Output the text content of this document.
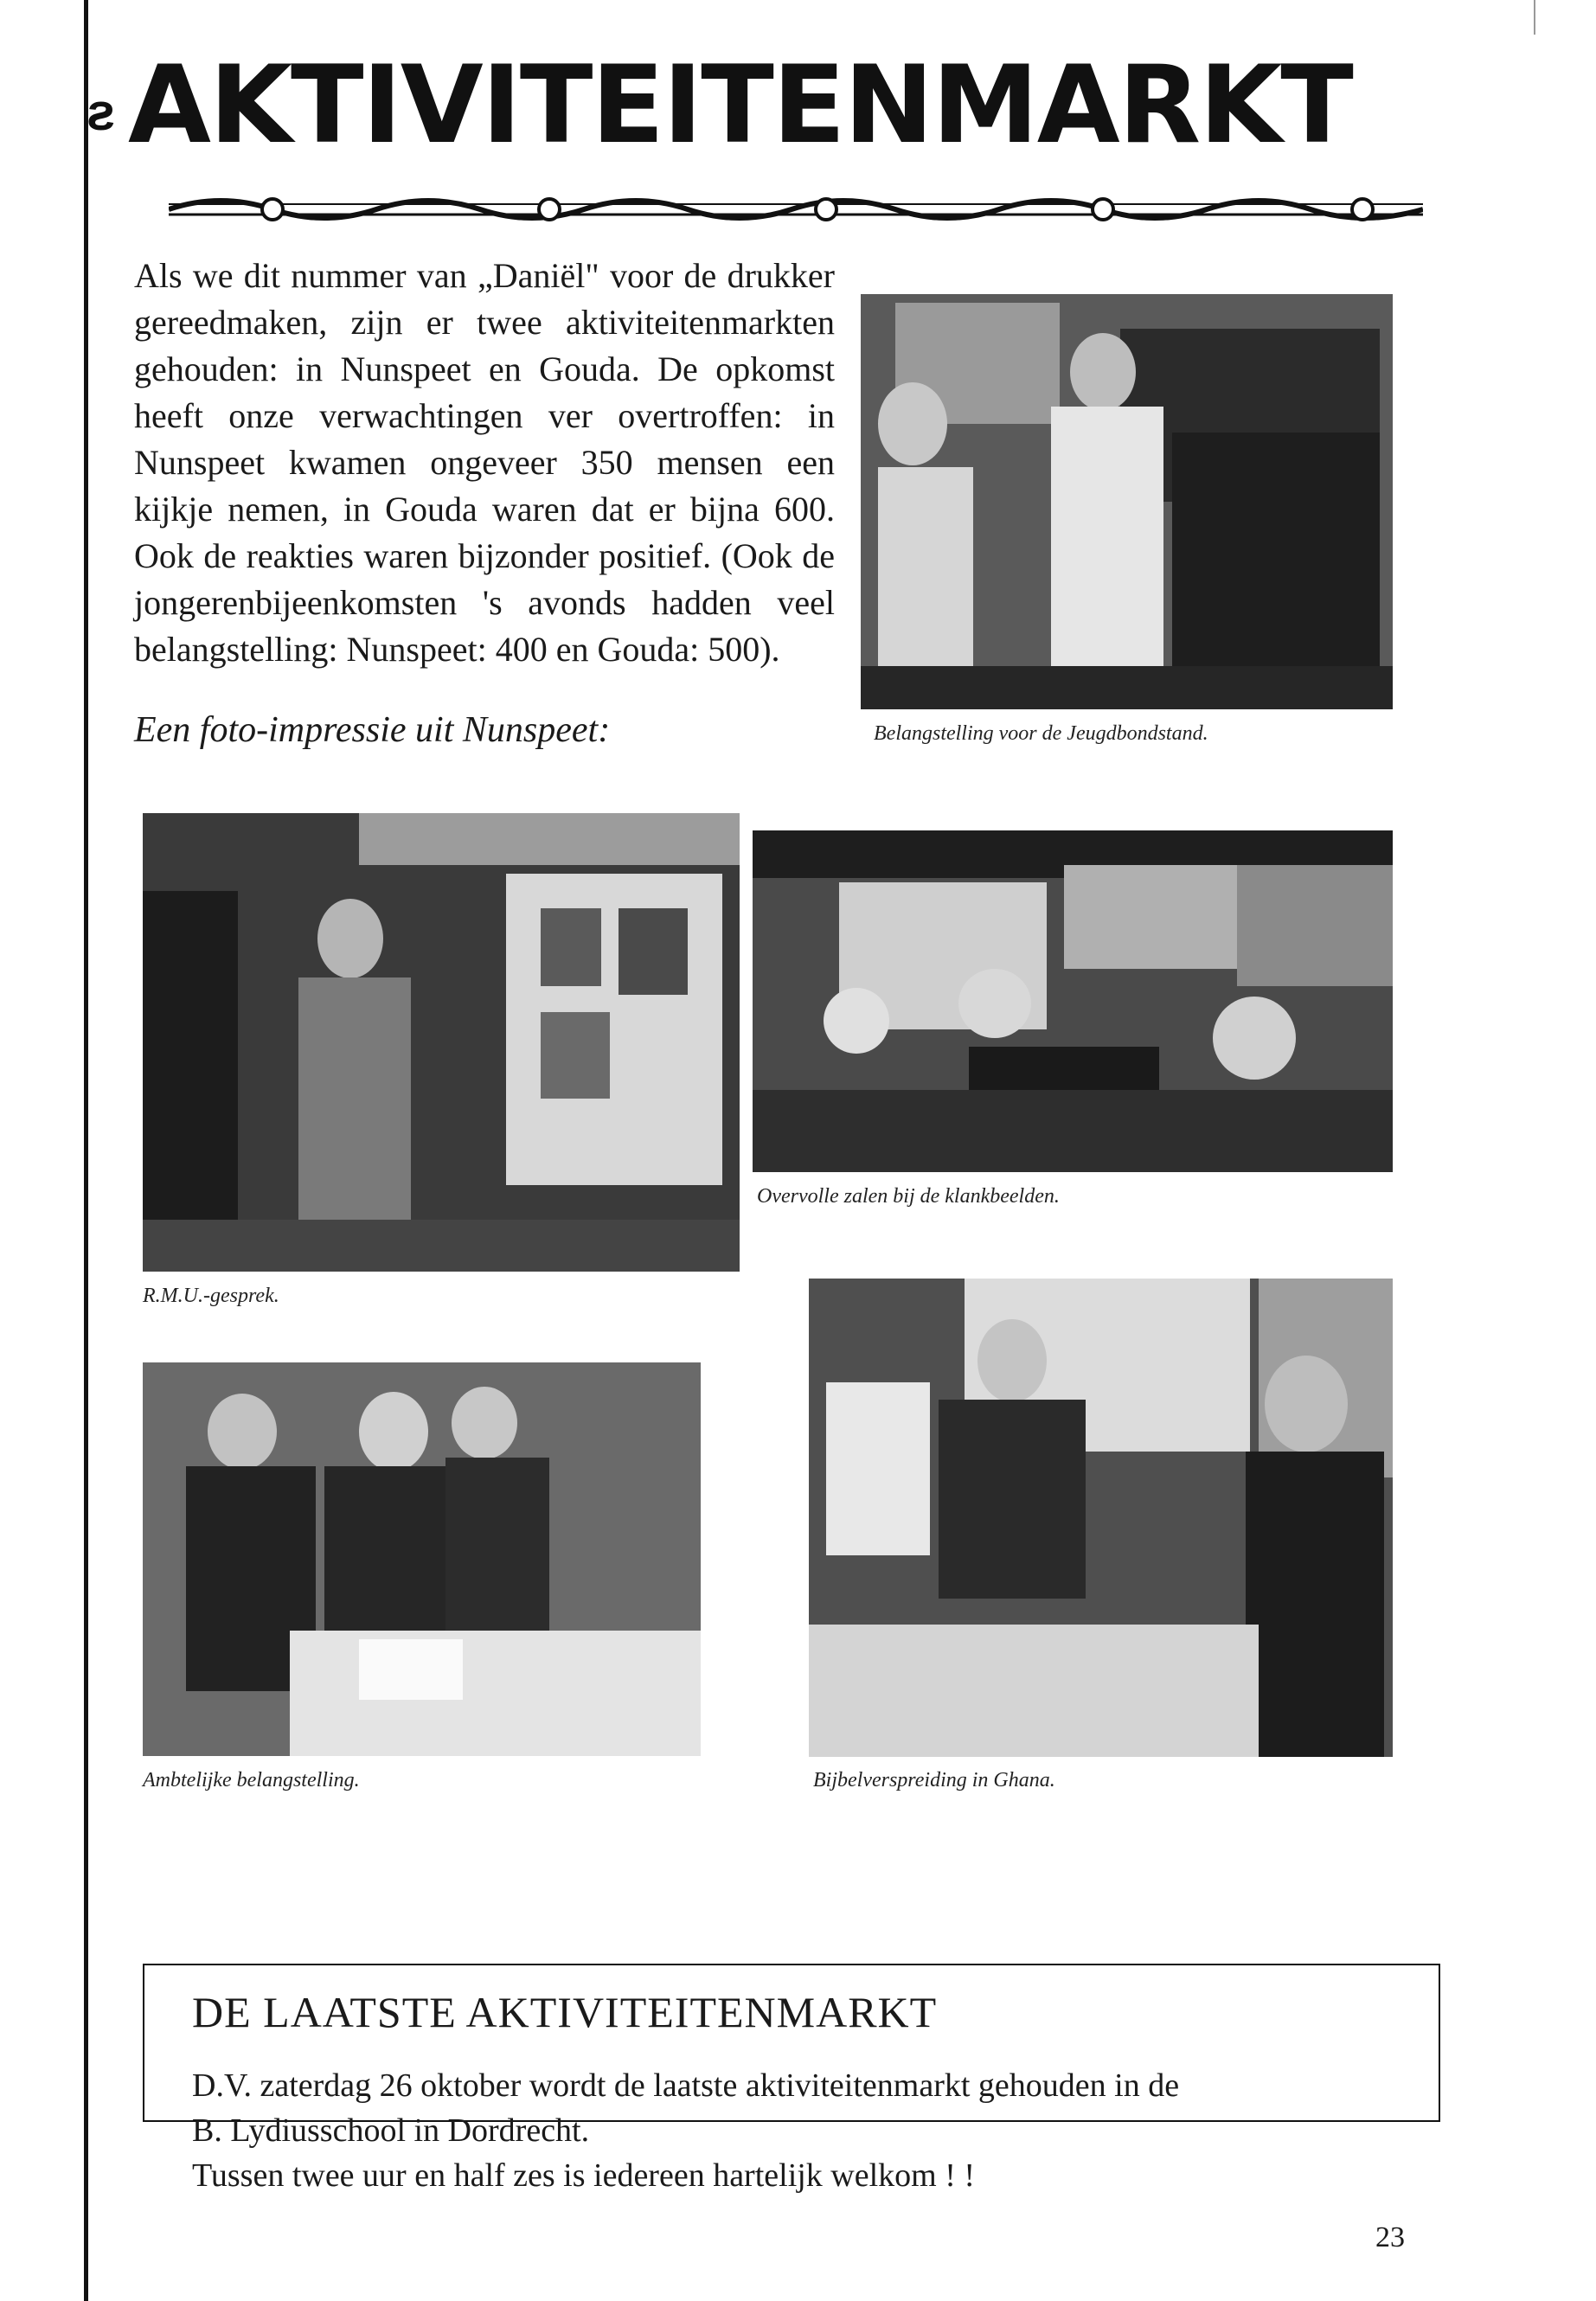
ƨ AKTIVITEITENMARKT

Als we dit nummer van „Daniël" voor de drukker gereedmaken, zijn er twee aktiviteitenmarkten gehouden: in Nunspeet en Gouda. De opkomst heeft onze verwachtingen ver overtroffen: in Nunspeet kwamen ongeveer 350 mensen een kijkje nemen, in Gouda waren dat er bijna 600. Ook de reakties waren bijzonder positief. (Ook de jongerenbijeenkomsten 's avonds hadden veel belangstelling: Nunspeet: 400 en Gouda: 500).

Een foto-impressie uit Nunspeet:	Belangstelling voor de Jeugdbondstand.
R.M.U.-gesprek.
Overvolle zalen bij de klankbeelden.
Ambtelijke belangstelling.	Bijbelverspreiding in Ghana.
DE LAATSTE AKTIVITEITENMARKT

D.V. zaterdag 26 oktober wordt de laatste aktiviteitenmarkt gehouden in de

B. Lydiusschool in Dordrecht.

Tussen twee uur en half zes is iedereen hartelijk welkom ! !

23
